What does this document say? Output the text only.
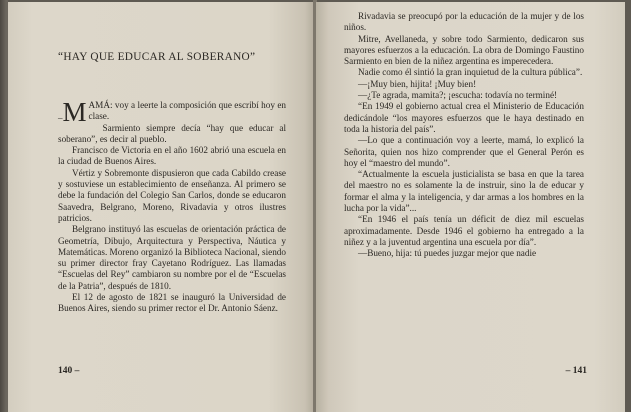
“HAY QUE EDUCAR AL SOBERANO”

–M AMÁ: voy a leerte la composición que escribí hoy en clase.

Sarmiento siempre decía “hay que educar al soberano”, es decir al pueblo.

Francisco de Victoria en el año 1602 abrió una escuela en la ciudad de Buenos Aires.

Vértiz y Sobremonte dispusieron que cada Cabildo crease y sostuviese un establecimiento de enseñanza. Al primero se debe la fundación del Colegio San Carlos, donde se educaron Saavedra, Belgrano, Moreno, Rivadavia y otros ilustres patricios.

Belgrano instituyó las escuelas de orientación práctica de Geometría, Dibujo, Arquitectura y Perspectiva, Náutica y Matemáticas. Moreno organizó la Biblioteca Nacional, siendo su primer director fray Cayetano Rodríguez. Las llamadas “Escuelas del Rey” cambiaron su nombre por el de “Escuelas de la Patria”, después de 1810.

El 12 de agosto de 1821 se inauguró la Universidad de Buenos Aires, siendo su primer rector el Dr. Antonio Sáenz.

140 –

Rivadavia se preocupó por la educación de la mujer y de los niños.

Mitre, Avellaneda, y sobre todo Sarmiento, dedicaron sus mayores esfuerzos a la educación. La obra de Domingo Faustino Sarmiento en bien de la niñez argentina es imperecedera.

Nadie como él sintió la gran inquietud de la cultura pública”.

—¡Muy bien, hijita! ¡Muy bien!

—¿Te agrada, mamita?; ¡escucha: todavía no terminé!

“En 1949 el gobierno actual crea el Ministerio de Educación dedicándole “los mayores esfuerzos que le haya destinado en toda la historia del país”.

—Lo que a continuación voy a leerte, mamá, lo explicó la Señorita, quien nos hizo comprender que el General Perón es hoy el “maestro del mundo”.

“Actualmente la escuela justicialista se basa en que la tarea del maestro no es solamente la de instruir, sino la de educar y formar el alma y la inteligencia, y dar armas a los hombres en la lucha por la vida”...

“En 1946 el país tenía un déficit de diez mil escuelas aproximadamente. Desde 1946 el gobierno ha entregado a la niñez y a la juventud argentina una escuela por día”.

—Bueno, hija: tú puedes juzgar mejor que nadie

– 141
